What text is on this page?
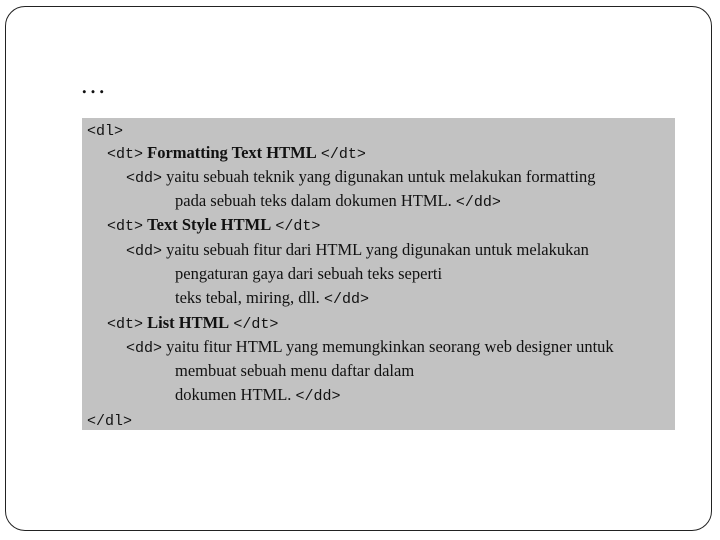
…
<dl>
<dt> Formatting Text HTML </dt>
<dd> yaitu sebuah teknik yang digunakan untuk melakukan formatting
pada sebuah teks dalam dokumen HTML. </dd>
<dt> Text Style HTML </dt>
<dd> yaitu sebuah fitur dari HTML yang digunakan untuk melakukan
pengaturan gaya dari sebuah teks seperti
teks tebal, miring, dll. </dd>
<dt> List HTML </dt>
<dd> yaitu fitur HTML yang memungkinkan seorang web designer untuk
membuat sebuah menu daftar dalam
dokumen HTML. </dd>
</dl>
